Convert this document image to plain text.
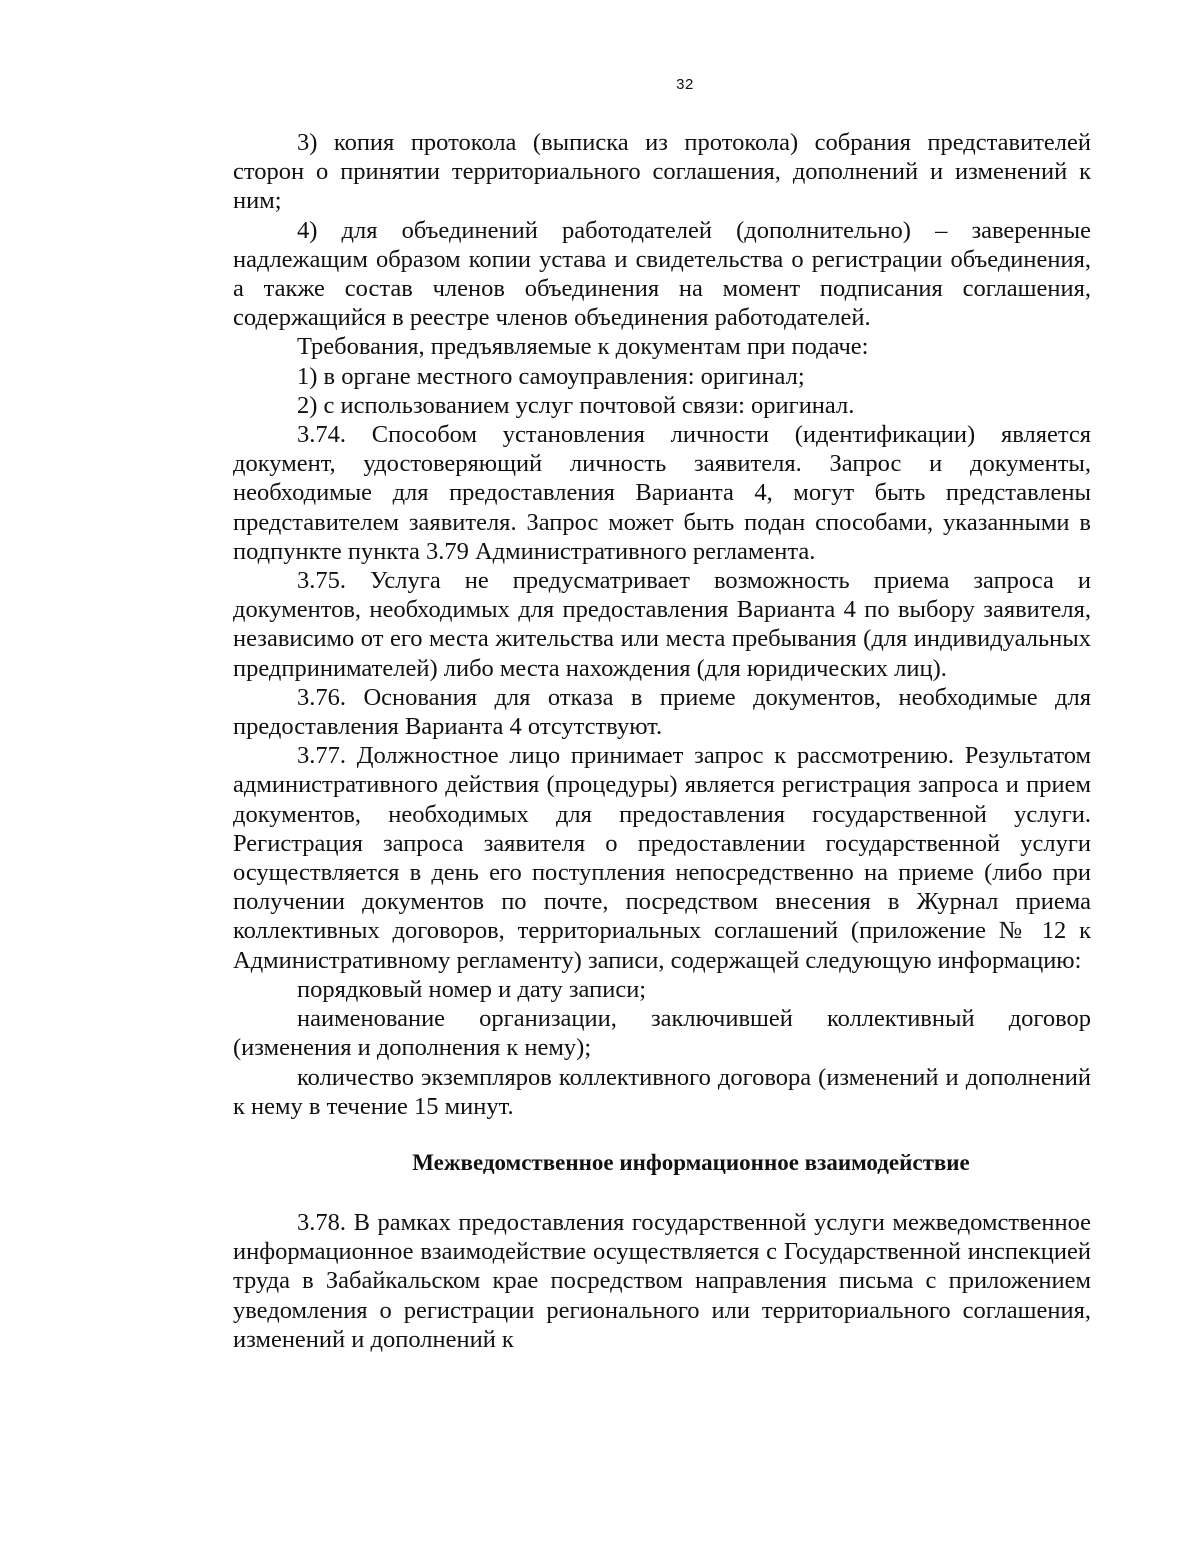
32

3) копия протокола (выписка из протокола) собрания представителей сторон о принятии территориального соглашения, дополнений и изменений к ним;

4) для объединений работодателей (дополнительно) – заверенные надлежащим образом копии устава и свидетельства о регистрации объединения, а также состав членов объединения на момент подписания соглашения, содержащийся в реестре членов объединения работодателей.

Требования, предъявляемые к документам при подаче:

1) в органе местного самоуправления: оригинал;

2) с использованием услуг почтовой связи: оригинал.

3.74. Способом установления личности (идентификации) является документ, удостоверяющий личность заявителя. Запрос и документы, необходимые для предоставления Варианта 4, могут быть представлены представителем заявителя. Запрос может быть подан способами, указанными в подпункте пункта 3.79 Административного регламента.

3.75. Услуга не предусматривает возможность приема запроса и документов, необходимых для предоставления Варианта 4 по выбору заявителя, независимо от его места жительства или места пребывания (для индивидуальных предпринимателей) либо места нахождения (для юридических лиц).

3.76. Основания для отказа в приеме документов, необходимые для предоставления Варианта 4 отсутствуют.

3.77. Должностное лицо принимает запрос к рассмотрению. Результатом административного действия (процедуры) является регистрация запроса и прием документов, необходимых для предоставления государственной услуги. Регистрация запроса заявителя о предоставлении государственной услуги осуществляется в день его поступления непосредственно на приеме (либо при получении документов по почте, посредством внесения в Журнал приема коллективных договоров, территориальных соглашений (приложение № 12 к Административному регламенту) записи, содержащей следующую информацию:

порядковый номер и дату записи;

наименование организации, заключившей коллективный договор (изменения и дополнения к нему);

количество экземпляров коллективного договора (изменений и дополнений к нему в течение 15 минут.

Межведомственное информационное взаимодействие

3.78. В рамках предоставления государственной услуги межведомственное информационное взаимодействие осуществляется с Государственной инспекцией труда в Забайкальском крае посредством направления письма с приложением уведомления о регистрации регионального или территориального соглашения, изменений и дополнений к
